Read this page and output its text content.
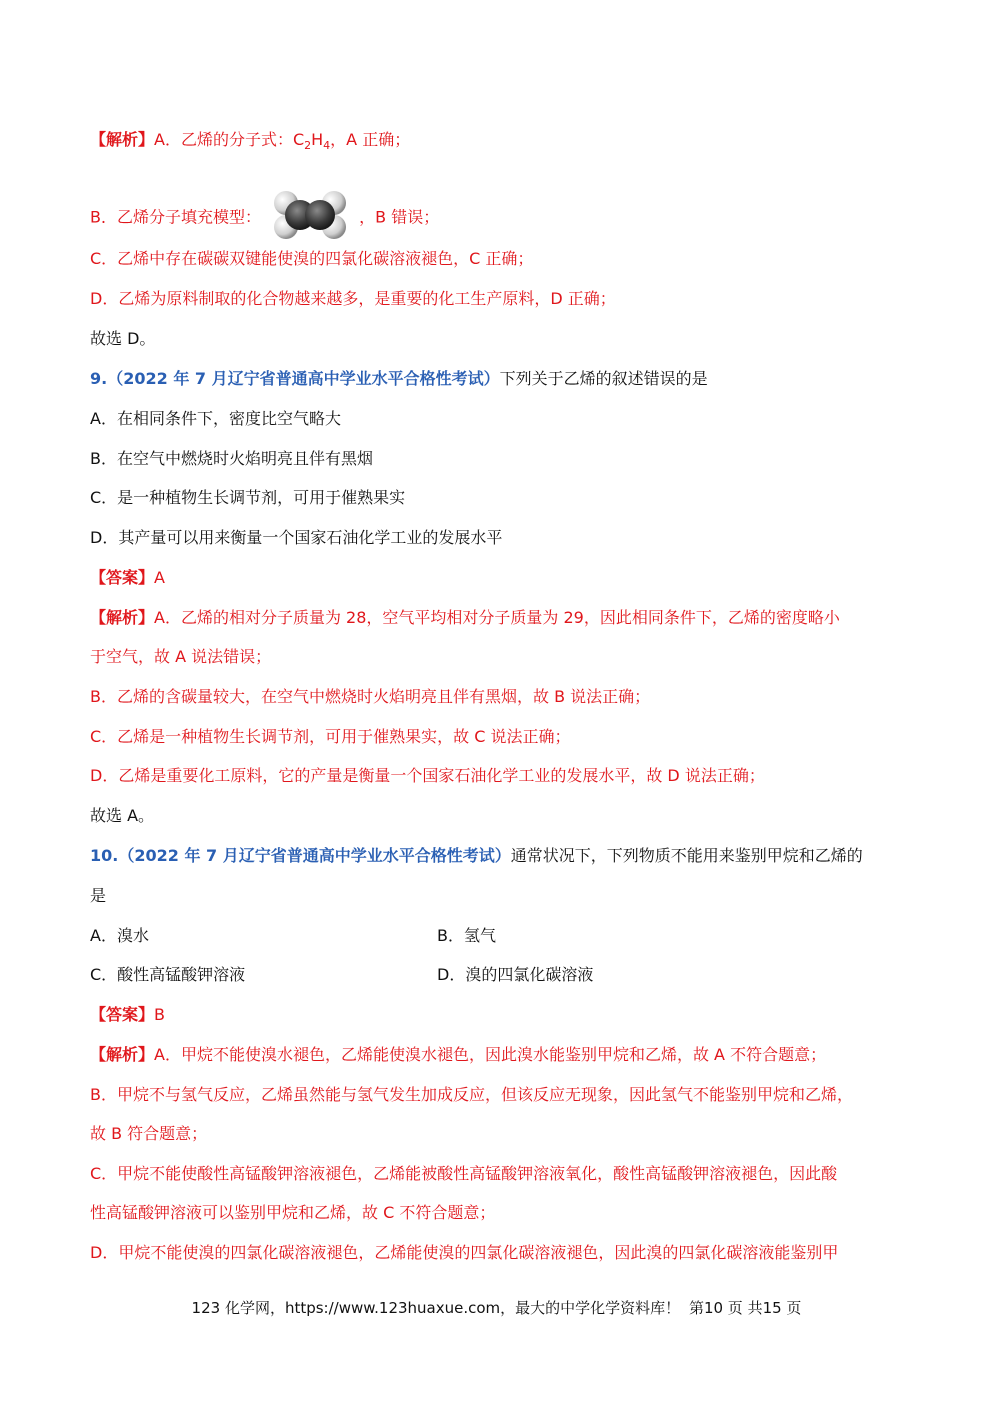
【解析】A．乙烯的分子式：$C_2H_4$，A 正确；
B．乙烯分子填充模型：	，B 错误；
C．乙烯中存在碳碳双键能使溴的四氯化碳溶液褪色，C 正确；
D．乙烯为原料制取的化合物越来越多，是重要的化工生产原料，D 正确；
故选 D。
9.（2022 年 7 月辽宁省普通高中学业水平合格性考试）下列关于乙烯的叙述错误的是
A．在相同条件下，密度比空气略大
B．在空气中燃烧时火焰明亮且伴有黑烟
C．是一种植物生长调节剂，可用于催熟果实
D．其产量可以用来衡量一个国家石油化学工业的发展水平
【答案】A
【解析】A．乙烯的相对分子质量为 28，空气平均相对分子质量为 29，因此相同条件下，乙烯的密度略小
于空气，故 A 说法错误；
B．乙烯的含碳量较大，在空气中燃烧时火焰明亮且伴有黑烟，故 B 说法正确；
C．乙烯是一种植物生长调节剂，可用于催熟果实，故 C 说法正确；
D．乙烯是重要化工原料，它的产量是衡量一个国家石油化学工业的发展水平，故 D 说法正确；
故选 A。
10.（2022 年 7 月辽宁省普通高中学业水平合格性考试）通常状况下，下列物质不能用来鉴别甲烷和乙烯的
是
A．溴水	B．氢气
C．酸性高锰酸钾溶液	D．溴的四氯化碳溶液
【答案】B
【解析】A．甲烷不能使溴水褪色，乙烯能使溴水褪色，因此溴水能鉴别甲烷和乙烯，故 A 不符合题意；
B．甲烷不与氢气反应，乙烯虽然能与氢气发生加成反应，但该反应无现象，因此氢气不能鉴别甲烷和乙烯，
故 B 符合题意；
C．甲烷不能使酸性高锰酸钾溶液褪色，乙烯能被酸性高锰酸钾溶液氧化，酸性高锰酸钾溶液褪色，因此酸
性高锰酸钾溶液可以鉴别甲烷和乙烯，故 C 不符合题意；
D．甲烷不能使溴的四氯化碳溶液褪色，乙烯能使溴的四氯化碳溶液褪色，因此溴的四氯化碳溶液能鉴别甲
123 化学网，https://www.123huaxue.com，最大的中学化学资料库！ 第10 页 共15 页
